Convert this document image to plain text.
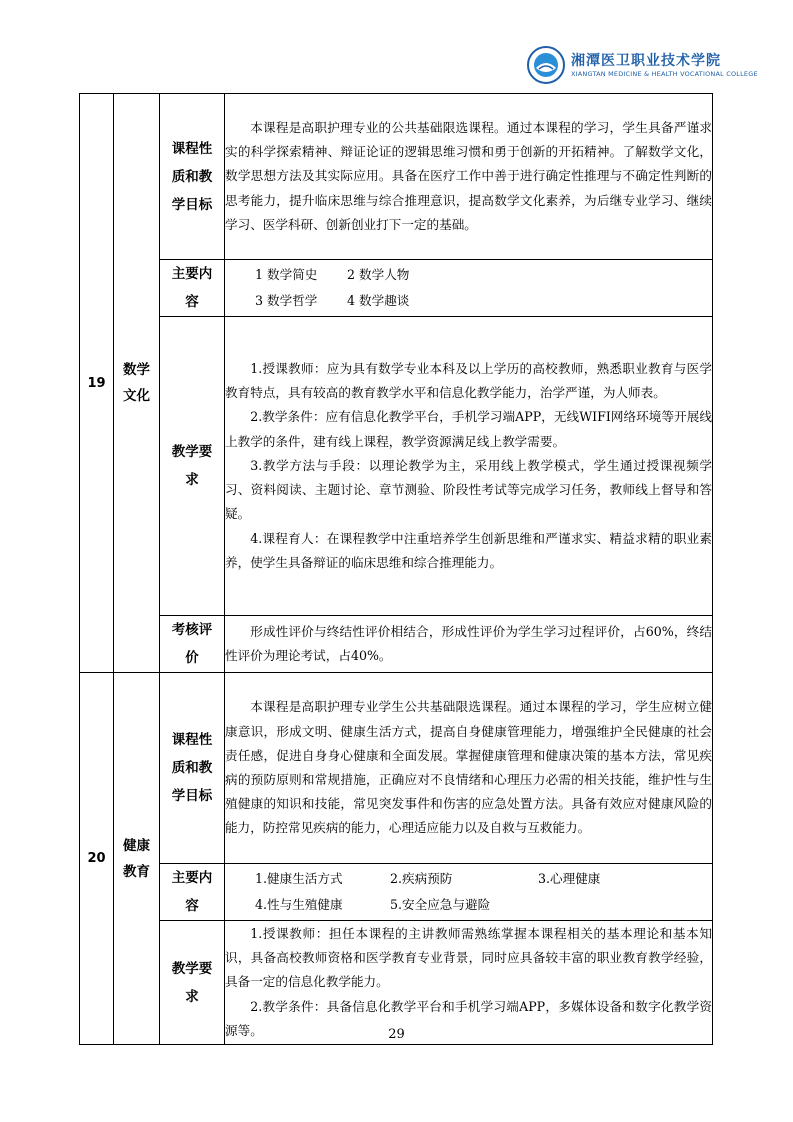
湘潭医卫职业技术学院
XIANGTAN MEDICINE & HEALTH VOCATIONAL COLLEGE
19	数学文化	课程性质和教学目标	本课程是高职护理专业的公共基础限选课程。通过本课程的学习，学生具备严谨求实的科学探索精神、辩证论证的逻辑思维习惯和勇于创新的开拓精神。了解数学文化，数学思想方法及其实际应用。具备在医疗工作中善于进行确定性推理与不确定性判断的思考能力，提升临床思维与综合推理意识，提高数学文化素养，为后继专业学习、继续学习、医学科研、创新创业打下一定的基础。

		主要内容	1 数学简史 2 数学人物
3 数学哲学 4 数学趣谈

		教学要求	1.授课教师：应为具有数学专业本科及以上学历的高校教师，熟悉职业教育与医学教育特点，具有较高的教育教学水平和信息化教学能力，治学严谨，为人师表。

2.教学条件：应有信息化教学平台，手机学习端APP，无线WIFI网络环境等开展线上教学的条件，建有线上课程，教学资源满足线上教学需要。

3.教学方法与手段：以理论教学为主，采用线上教学模式，学生通过授课视频学习、资料阅读、主题讨论、章节测验、阶段性考试等完成学习任务，教师线上督导和答疑。

4.课程育人：在课程教学中注重培养学生创新思维和严谨求实、精益求精的职业素养，使学生具备辩证的临床思维和综合推理能力。

		考核评价	形成性评价与终结性评价相结合，形成性评价为学生学习过程评价，占60%，终结性评价为理论考试，占40%。

20	健康教育	课程性质和教学目标	本课程是高职护理专业学生公共基础限选课程。通过本课程的学习，学生应树立健康意识，形成文明、健康生活方式，提高自身健康管理能力，增强维护全民健康的社会责任感，促进自身身心健康和全面发展。掌握健康管理和健康决策的基本方法，常见疾病的预防原则和常规措施，正确应对不良情绪和心理压力必需的相关技能，维护性与生殖健康的知识和技能，常见突发事件和伤害的应急处置方法。具备有效应对健康风险的能力，防控常见疾病的能力，心理适应能力以及自救与互救能力。

		主要内容	1.健康生活方式 2.疾病预防 3.心理健康
4.性与生殖健康 5.安全应急与避险

		教学要求	1.授课教师：担任本课程的主讲教师需熟练掌握本课程相关的基本理论和基本知识，具备高校教师资格和医学教育专业背景，同时应具备较丰富的职业教育教学经验，具备一定的信息化教学能力。

2.教学条件：具备信息化教学平台和手机学习端APP，多媒体设备和数字化教学资源等。	29
